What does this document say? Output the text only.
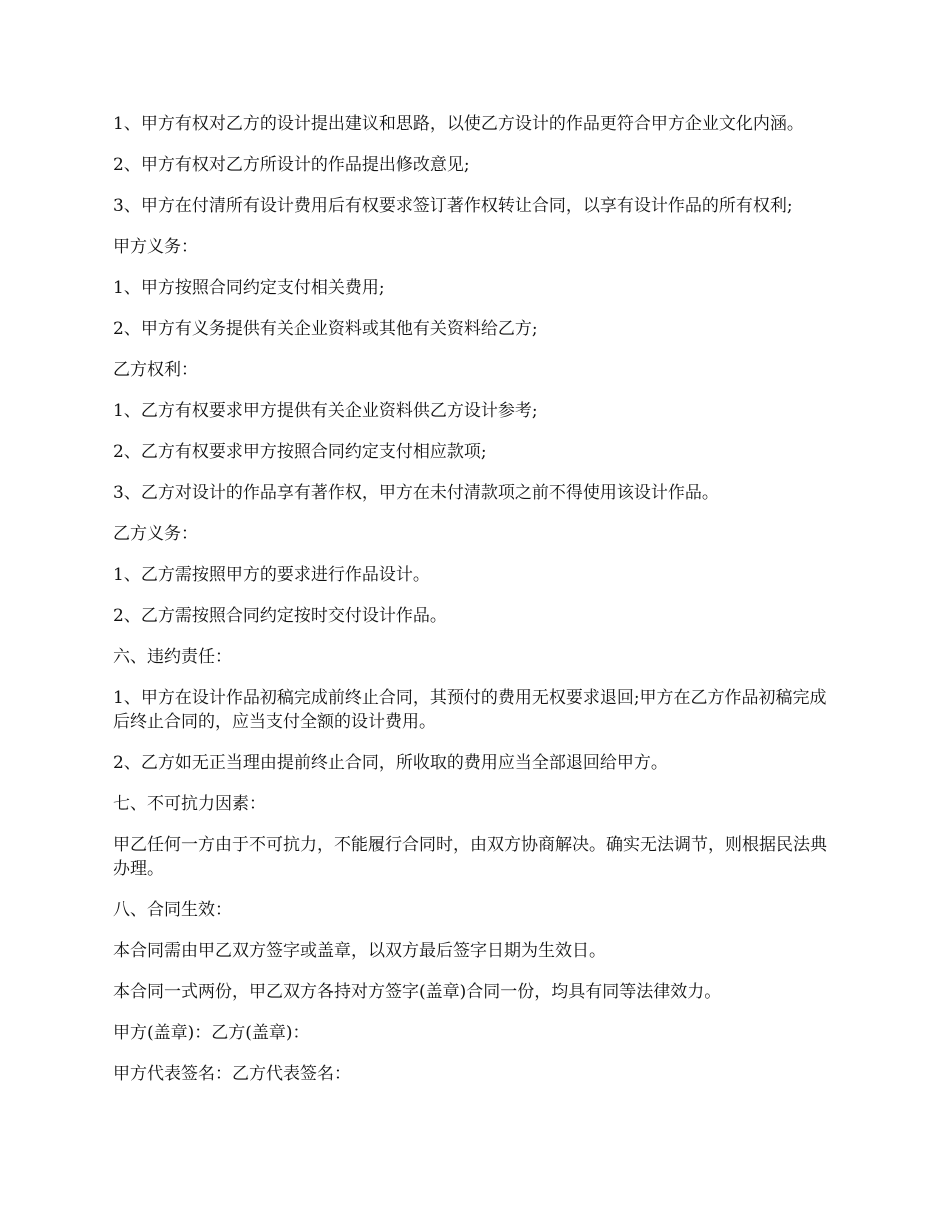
1、甲方有权对乙方的设计提出建议和思路，以使乙方设计的作品更符合甲方企业文化内涵。

2、甲方有权对乙方所设计的作品提出修改意见;

3、甲方在付清所有设计费用后有权要求签订著作权转让合同，以享有设计作品的所有权利;

甲方义务：

1、甲方按照合同约定支付相关费用;

2、甲方有义务提供有关企业资料或其他有关资料给乙方;

乙方权利：

1、乙方有权要求甲方提供有关企业资料供乙方设计参考;

2、乙方有权要求甲方按照合同约定支付相应款项;

3、乙方对设计的作品享有著作权，甲方在未付清款项之前不得使用该设计作品。

乙方义务：

1、乙方需按照甲方的要求进行作品设计。

2、乙方需按照合同约定按时交付设计作品。

六、违约责任：

1、甲方在设计作品初稿完成前终止合同，其预付的费用无权要求退回;甲方在乙方作品初稿完成后终止合同的，应当支付全额的设计费用。

2、乙方如无正当理由提前终止合同，所收取的费用应当全部退回给甲方。

七、不可抗力因素：

甲乙任何一方由于不可抗力，不能履行合同时，由双方协商解决。确实无法调节，则根据民法典办理。

八、合同生效：

本合同需由甲乙双方签字或盖章，以双方最后签字日期为生效日。

本合同一式两份，甲乙双方各持对方签字(盖章)合同一份，均具有同等法律效力。

甲方(盖章)：乙方(盖章)：

甲方代表签名：乙方代表签名：
